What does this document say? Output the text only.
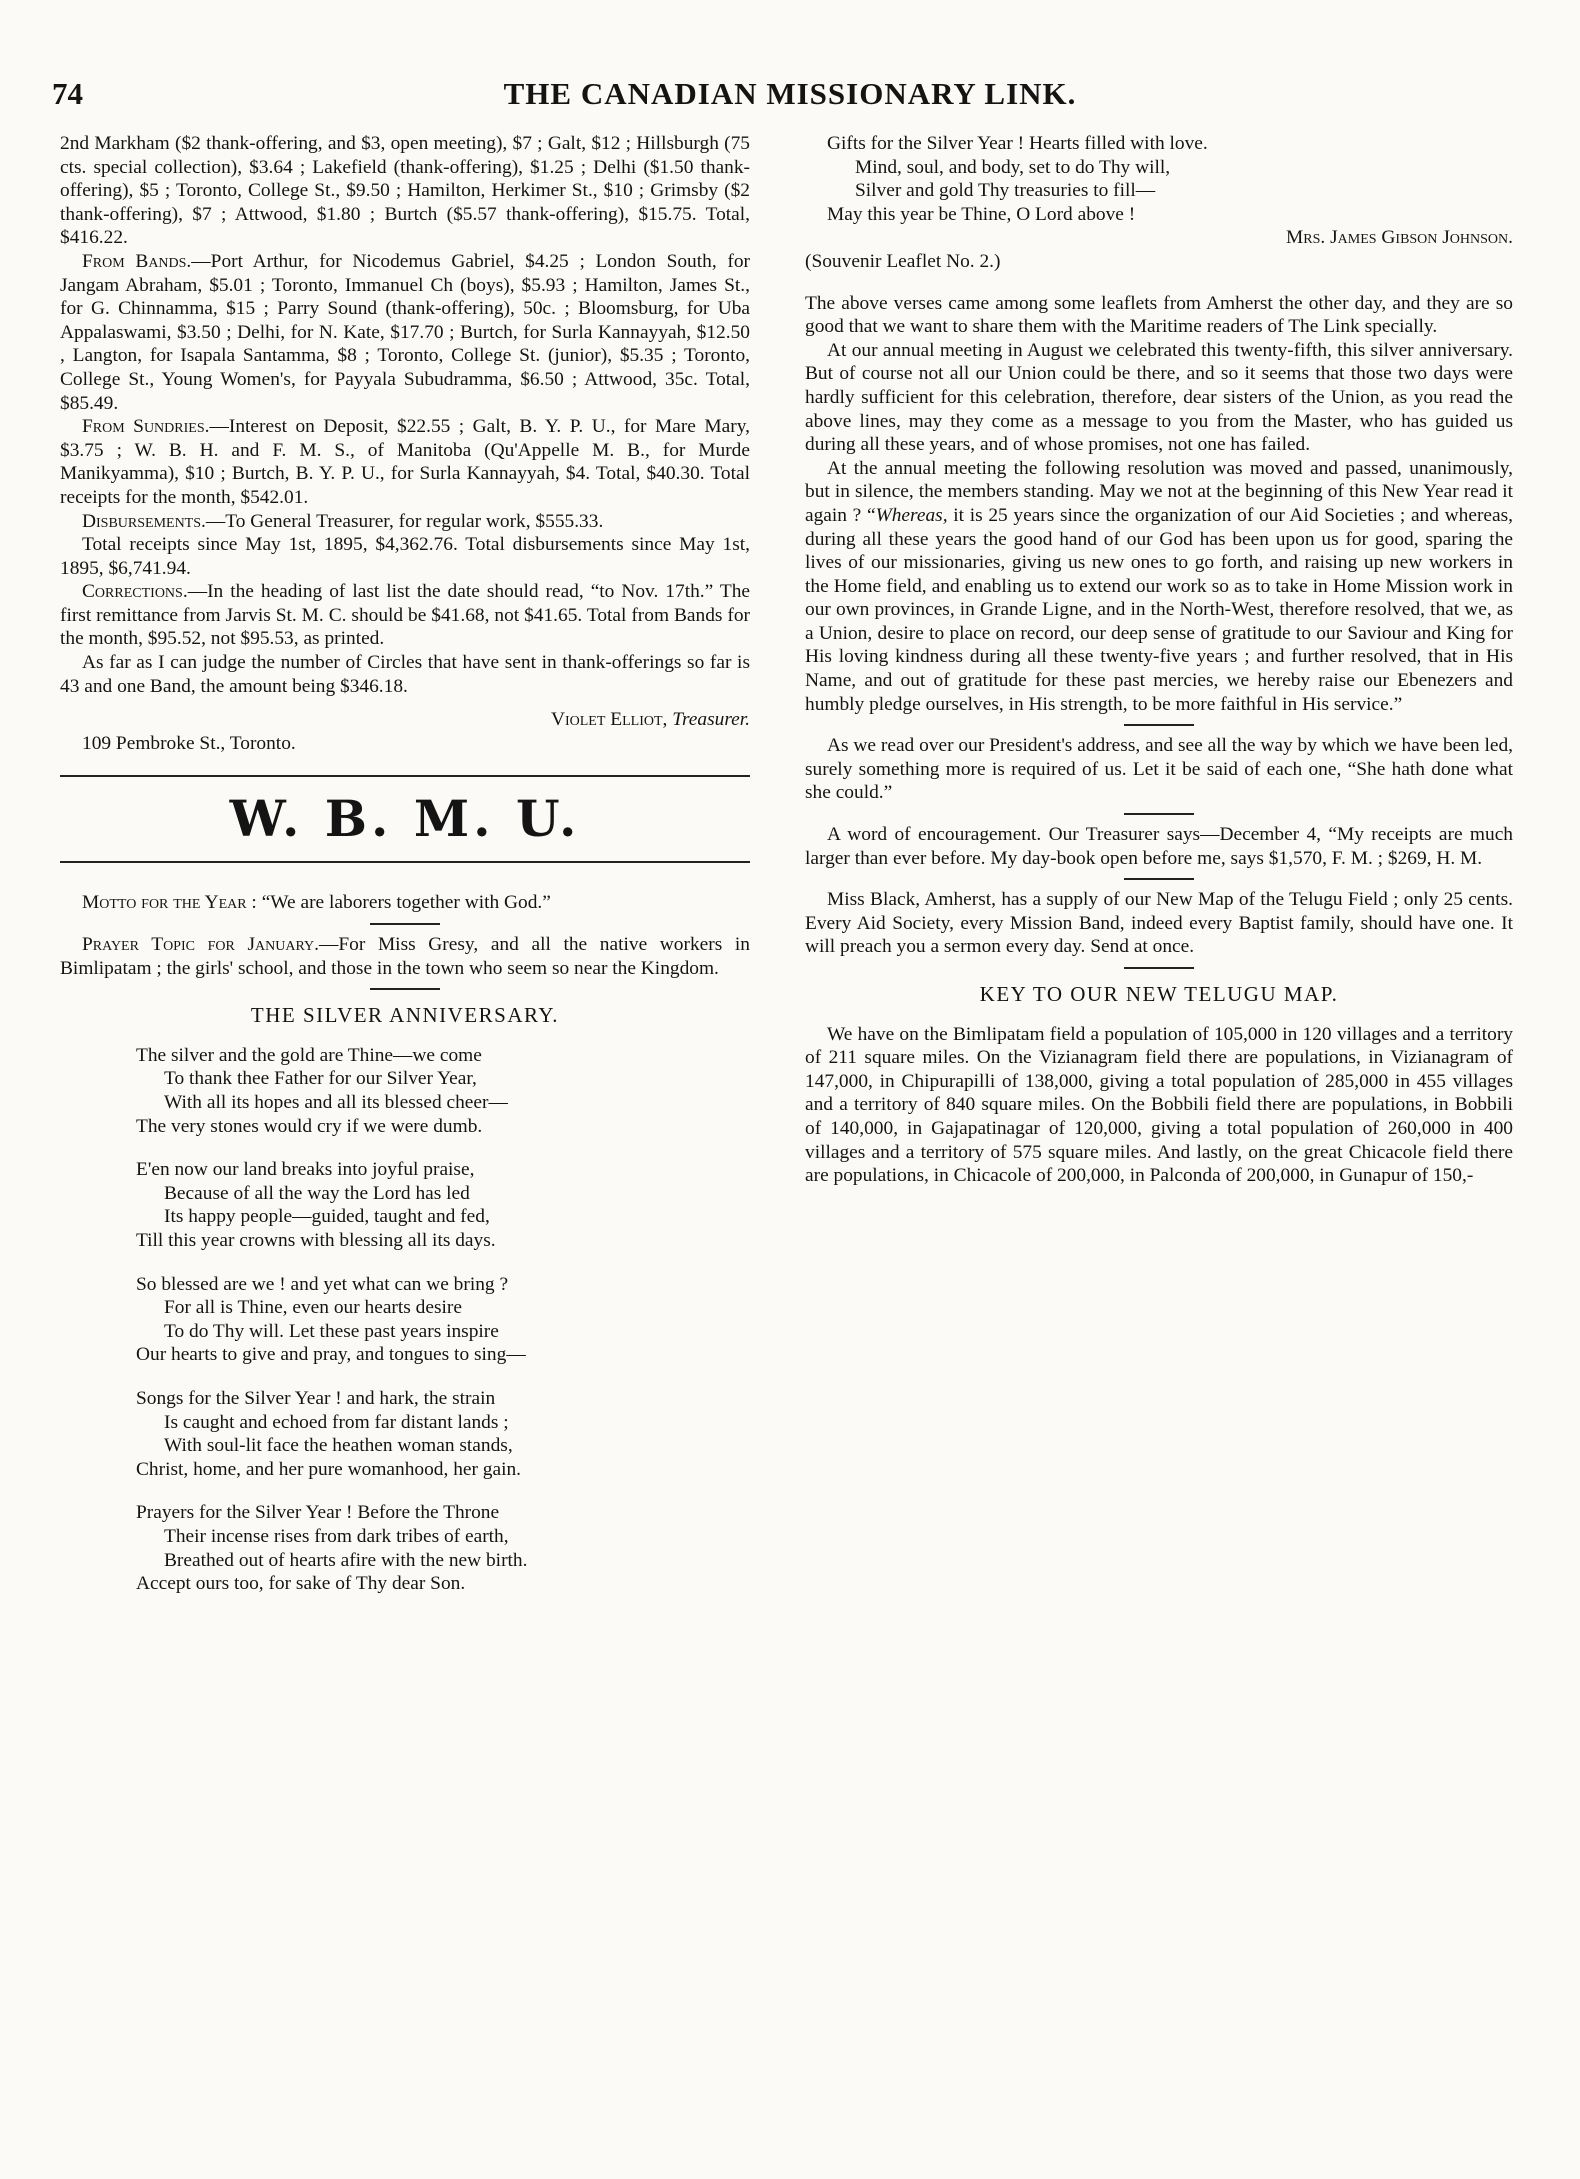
74	THE CANADIAN MISSIONARY LINK.

2nd Markham ($2 thank-offering, and $3, open meeting), $7 ; Galt, $12 ; Hillsburgh (75 cts. special collection), $3.64 ; Lakefield (thank-offering), $1.25 ; Delhi ($1.50 thank-offering), $5 ; Toronto, College St., $9.50 ; Hamilton, Herkimer St., $10 ; Grimsby ($2 thank-offering), $7 ; Attwood, $1.80 ; Burtch ($5.57 thank-offering), $15.75. Total, $416.22.

From Bands.—Port Arthur, for Nicodemus Gabriel, $4.25 ; London South, for Jangam Abraham, $5.01 ; Toronto, Immanuel Ch (boys), $5.93 ; Hamilton, James St., for G. Chinnamma, $15 ; Parry Sound (thank-offering), 50c. ; Bloomsburg, for Uba Appalaswami, $3.50 ; Delhi, for N. Kate, $17.70 ; Burtch, for Surla Kannayyah, $12.50 , Langton, for Isapala Santamma, $8 ; Toronto, College St. (junior), $5.35 ; Toronto, College St., Young Women's, for Payyala Subudramma, $6.50 ; Attwood, 35c. Total, $85.49.

From Sundries.—Interest on Deposit, $22.55 ; Galt, B. Y. P. U., for Mare Mary, $3.75 ; W. B. H. and F. M. S., of Manitoba (Qu'Appelle M. B., for Murde Manikyamma), $10 ; Burtch, B. Y. P. U., for Surla Kannayyah, $4. Total, $40.30. Total receipts for the month, $542.01.

Disbursements.—To General Treasurer, for regular work, $555.33.

Total receipts since May 1st, 1895, $4,362.76. Total disbursements since May 1st, 1895, $6,741.94.

Corrections.—In the heading of last list the date should read, “to Nov. 17th.” The first remittance from Jarvis St. M. C. should be $41.68, not $41.65. Total from Bands for the month, $95.52, not $95.53, as printed.

As far as I can judge the number of Circles that have sent in thank-offerings so far is 43 and one Band, the amount being $346.18.

Violet Elliot, Treasurer.

109 Pembroke St., Toronto.

W. B. M. U.

Motto for the Year : “We are laborers together with God.”

Prayer Topic for January.—For Miss Gresy, and all the native workers in Bimlipatam ; the girls' school, and those in the town who seem so near the Kingdom.

THE SILVER ANNIVERSARY.
The silver and the gold are Thine—we come
To thank thee Father for our Silver Year,
With all its hopes and all its blessed cheer—
The very stones would cry if we were dumb.
E'en now our land breaks into joyful praise,
Because of all the way the Lord has led
Its happy people—guided, taught and fed,
Till this year crowns with blessing all its days.
So blessed are we ! and yet what can we bring ?
For all is Thine, even our hearts desire
To do Thy will. Let these past years inspire
Our hearts to give and pray, and tongues to sing—
Songs for the Silver Year ! and hark, the strain
Is caught and echoed from far distant lands ;
With soul-lit face the heathen woman stands,
Christ, home, and her pure womanhood, her gain.
Prayers for the Silver Year ! Before the Throne
Their incense rises from dark tribes of earth,
Breathed out of hearts afire with the new birth.
Accept ours too, for sake of Thy dear Son.
Gifts for the Silver Year ! Hearts filled with love.
Mind, soul, and body, set to do Thy will,
Silver and gold Thy treasuries to fill—
May this year be Thine, O Lord above !

Mrs. James Gibson Johnson.

(Souvenir Leaflet No. 2.)

The above verses came among some leaflets from Amherst the other day, and they are so good that we want to share them with the Maritime readers of The Link specially.

At our annual meeting in August we celebrated this twenty-fifth, this silver anniversary. But of course not all our Union could be there, and so it seems that those two days were hardly sufficient for this celebration, therefore, dear sisters of the Union, as you read the above lines, may they come as a message to you from the Master, who has guided us during all these years, and of whose promises, not one has failed.

At the annual meeting the following resolution was moved and passed, unanimously, but in silence, the members standing. May we not at the beginning of this New Year read it again ? “Whereas, it is 25 years since the organization of our Aid Societies ; and whereas, during all these years the good hand of our God has been upon us for good, sparing the lives of our missionaries, giving us new ones to go forth, and raising up new workers in the Home field, and enabling us to extend our work so as to take in Home Mission work in our own provinces, in Grande Ligne, and in the North-West, therefore resolved, that we, as a Union, desire to place on record, our deep sense of gratitude to our Saviour and King for His loving kindness during all these twenty-five years ; and further resolved, that in His Name, and out of gratitude for these past mercies, we hereby raise our Ebenezers and humbly pledge ourselves, in His strength, to be more faithful in His service.”

As we read over our President's address, and see all the way by which we have been led, surely something more is required of us. Let it be said of each one, “She hath done what she could.”

A word of encouragement. Our Treasurer says—December 4, “My receipts are much larger than ever before. My day-book open before me, says $1,570, F. M. ; $269, H. M.

Miss Black, Amherst, has a supply of our New Map of the Telugu Field ; only 25 cents. Every Aid Society, every Mission Band, indeed every Baptist family, should have one. It will preach you a sermon every day. Send at once.

KEY TO OUR NEW TELUGU MAP.

We have on the Bimlipatam field a population of 105,000 in 120 villages and a territory of 211 square miles. On the Vizianagram field there are populations, in Vizianagram of 147,000, in Chipurapilli of 138,000, giving a total population of 285,000 in 455 villages and a territory of 840 square miles. On the Bobbili field there are populations, in Bobbili of 140,000, in Gajapatinagar of 120,000, giving a total population of 260,000 in 400 villages and a territory of 575 square miles. And lastly, on the great Chicacole field there are populations, in Chicacole of 200,000, in Palconda of 200,000, in Gunapur of 150,-
